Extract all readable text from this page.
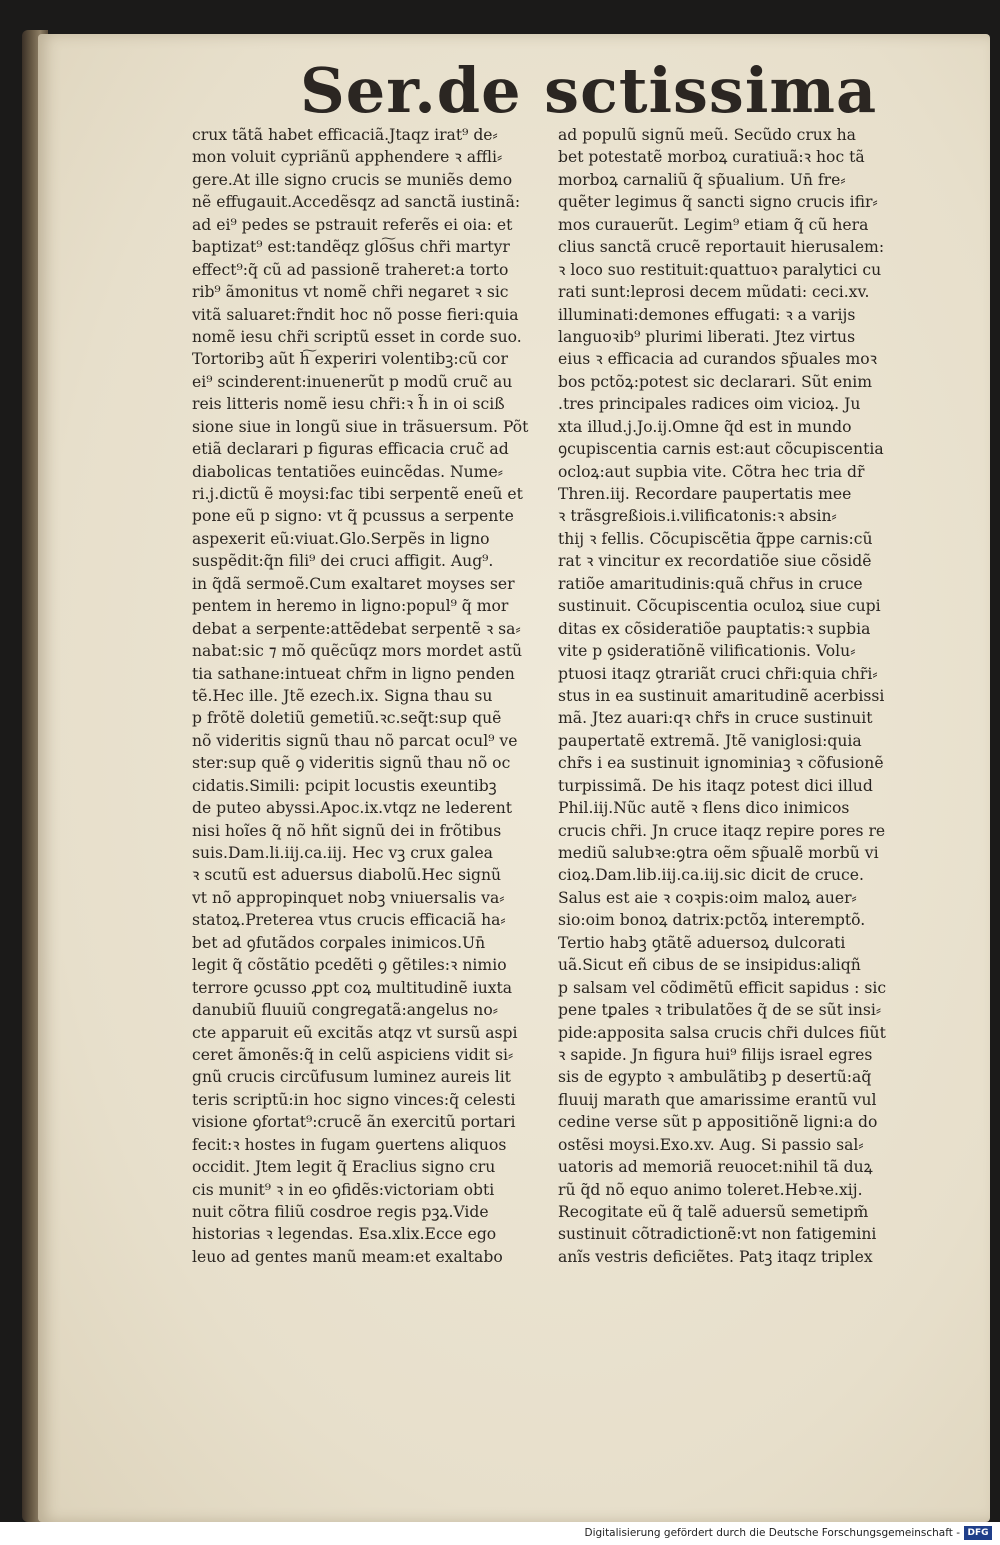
Ser.de sctissima
crux tãtã habet efficaciã.Jtaqz irat⁹ de⸗
mon voluit cypriãnũ apphendere ꝛ affli⸗
gere.At ille signo crucis se muniẽs demo
nẽ effugauit.Accedẽsqz ad sanctã iustinã:
ad ei⁹ pedes se pstrauit referẽs ei oia: et
baptizat⁹ est:tandẽqz glo͠sus chr̃i martyr
effect⁹:q̃ cũ ad passionẽ traheret:a torto
rib⁹ ãmonitus vt nomẽ chr̃i negaret ꝛ sic
vitã saluaret:r̃ndit hoc nõ posse fieri:quia
nomẽ iesu chr̃i scriptũ esset in corde suo.
Tortoribꝫ aũt h͠ experiri volentibꝫ:cũ cor
ei⁹ scinderent:inuenerũt p modũ cruc̃ au
reis litteris nomẽ iesu chr̃i:ꝛ h̃ in oi sciß
sione siue in longũ siue in trãsuersum. Põt
etiã declarari p figuras efficacia cruc̃ ad
diabolicas tentatiões euincẽdas. Nume⸗
ri.j.dictũ ẽ moysi:fac tibi serpentẽ eneũ et
pone eũ p signo: vt q̃ pcussus a serpente
aspexerit eũ:viuat.Glo.Serpẽs in ligno
suspẽdit:q̃n fili⁹ dei cruci affigit. Aug⁹.
in q̃dã sermoẽ.Cum exaltaret moyses ser
pentem in heremo in ligno:popul⁹ q̃ mor
debat a serpente:attẽdebat serpentẽ ꝛ sa⸗
nabat:sic ⁊ mõ quẽcũqz mors mordet astũ
tia sathane:intueat chr̃m in ligno penden
tẽ.Hec ille. Jtẽ ezech.ix. Signa thau su
p frõtẽ doletiũ gemetiũ.ꝛc.seq̃t:sup quẽ
nõ videritis signũ thau nõ parcat ocul⁹ ve
ster:sup quẽ ꝯ videritis signũ thau nõ oc
cidatis.Simili: pcipit locustis exeuntibꝫ
de puteo abyssi.Apoc.ix.vtqz ne lederent
nisi hoĩes q̃ nõ hñt signũ dei in frõtibus
suis.Dam.li.iij.ca.iij. Hec vꝫ crux galea
ꝛ scutũ est aduersus diabolũ.Hec signũ
vt nõ appropinquet nobꝫ vniuersalis va⸗
statoꝝ.Preterea vtus crucis efficaciã ha⸗
bet ad ꝯfutãdos corꝑales inimicos.Un̄
legit q̃ cõstãtio pcedẽti ꝯ gẽtiles:ꝛ nimio
terrore ꝯcusso ꝓpt coꝝ multitudinẽ iuxta
danubiũ fluuiũ congregatã:angelus no⸗
cte apparuit eũ excitãs atqz vt sursũ aspi
ceret ãmonẽs:q̃ in celũ aspiciens vidit si⸗
gnũ crucis circũfusum luminez aureis lit
teris scriptũ:in hoc signo vinces:q̃ celesti
visione ꝯfortat⁹:crucẽ ãn exercitũ portari
fecit:ꝛ hostes in fugam ꝯuertens aliquos
occidit. Jtem legit q̃ Eraclius signo cru
cis munit⁹ ꝛ in eo ꝯfidẽs:victoriam obti
nuit cõtra filiũ cosdroe regis pꝫꝝ.Vide
historias ꝛ legendas. Esa.xlix.Ecce ego
leuo ad gentes manũ meam:et exaltabo
ad populũ signũ meũ. Secũdo crux ha
bet potestatẽ morboꝝ curatiuã:ꝛ hoc tã
morboꝝ carnaliũ q̃ sp̃ualium. Un̄ fre⸗
quẽter legimus q̃ sancti signo crucis ifir⸗
mos curauerũt. Legim⁹ etiam q̃ cũ hera
clius sanctã crucẽ reportauit hierusalem:
ꝛ loco suo restituit:quattuoꝛ paralytici cu
rati sunt:leprosi decem mũdati: ceci.xv.
illuminati:demones effugati: ꝛ a varijs
languoꝛib⁹ plurimi liberati. Jtez virtus
eius ꝛ efficacia ad curandos sp̃uales moꝛ
bos pctõꝝ:potest sic declarari. Sũt enim
.tres principales radices oim vicioꝝ. Ju
xta illud.j.Jo.ij.Omne q̃d est in mundo
ꝯcupiscentia carnis est:aut cõcupiscentia
ocloꝝ:aut supbia vite. Cõtra hec tria dr̃
Thren.iij. Recordare paupertatis mee
ꝛ trãsgreßiois.i.vilificatonis:ꝛ absin⸗
thij ꝛ fellis. Cõcupiscẽtia q̃ppe carnis:cũ
rat ꝛ vincitur ex recordatiõe siue cõsidẽ
ratiõe amaritudinis:quã chr̃us in cruce
sustinuit. Cõcupiscentia oculoꝝ siue cupi
ditas ex cõsideratiõe pauptatis:ꝛ supbia
vite p ꝯsideratiõnẽ vilificationis. Volu⸗
ptuosi itaqz ꝯtrariãt cruci chr̃i:quia chr̃i⸗
stus in ea sustinuit amaritudinẽ acerbissi
mã. Jtez auari:qꝛ chr̃s in cruce sustinuit
paupertatẽ extremã. Jtẽ vaniglosi:quia
chr̃s i ea sustinuit ignominiaꝫ ꝛ cõfusionẽ
turpissimã. De his itaqz potest dici illud
Phil.iij.Nũc autẽ ꝛ flens dico inimicos
crucis chr̃i. Jn cruce itaqz repire pores re
mediũ salubꝛe:ꝯtra oẽm sp̃ualẽ morbũ vi
cioꝝ.Dam.lib.iij.ca.iij.sic dicit de cruce.
Salus est aie ꝛ coꝛpis:oim maloꝝ auer⸗
sio:oim bonoꝝ datrix:pctõꝝ interemptõ.
Tertio habꝫ ꝯtãtẽ aduersoꝝ dulcorati
uã.Sicut eñ cibus de se insipidus:aliqñ
p salsam vel cõdimẽtũ efficit sapidus : sic
pene tꝑales ꝛ tribulatões q̃ de se sũt insi⸗
pide:apposita salsa crucis chr̃i dulces fiũt
ꝛ sapide. Jn figura hui⁹ filijs israel egres
sis de egypto ꝛ ambulãtibꝫ p desertũ:aq̃
fluuij marath que amarissime erantũ vul
cedine verse sũt p appositiõnẽ ligni:a do
ostẽsi moysi.Exo.xv. Aug. Si passio sal⸗
uatoris ad memoriã reuocet:nihil tã duꝝ
rũ q̃d nõ equo animo toleret.Hebꝛe.xij.
Recogitate eũ q̃ talẽ aduersũ semetipm̃
sustinuit cõtradictionẽ:vt non fatigemini
anĩs vestris deficiẽtes. Patꝫ itaqz triplex
Digitalisierung gefördert durch die Deutsche Forschungsgemeinschaft - DFG
